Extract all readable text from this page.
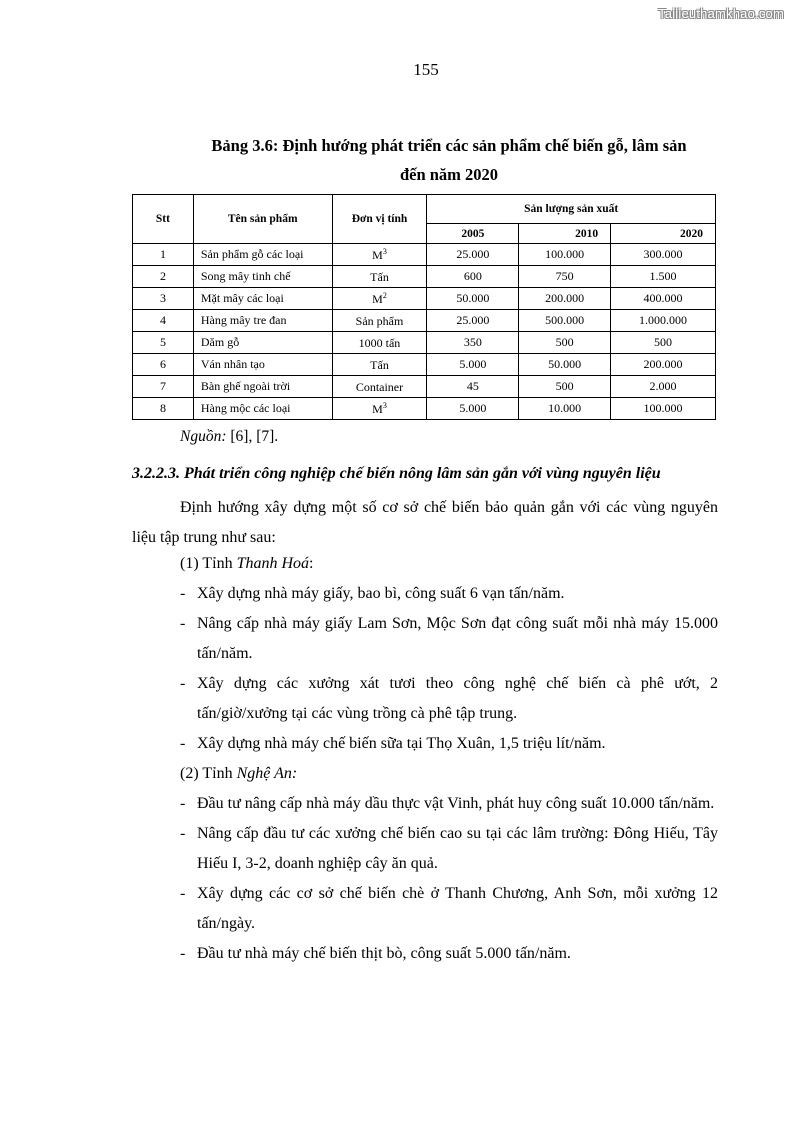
Tailieuthamkhao.com
155
Bảng 3.6: Định hướng phát triển các sản phẩm chế biến gỗ, lâm sản
đến năm 2020
Stt	Tên sản phẩm	Đơn vị tính	Sản lượng sản xuất		
			2005	2010	2020
1	Sản phẩm gỗ các loại	$M^3$	25.000	100.000	300.000
2	Song mây tinh chế	Tấn	600	750	1.500
3	Mặt mây các loại	$M^2$	50.000	200.000	400.000
4	Hàng mây tre đan	Sản phẩm	25.000	500.000	1.000.000
5	Dăm gỗ	1000 tấn	350	500	500
6	Ván nhân tạo	Tấn	5.000	50.000	200.000
7	Bàn ghế ngoài trời	Container	45	500	2.000
8	Hàng mộc các loại	$M^3$	5.000	10.000	100.000
Nguồn: [6], [7].
3.2.2.3. Phát triển công nghiệp chế biến nông lâm sản gắn với vùng nguyên liệu
Định hướng xây dựng một số cơ sở chế biến bảo quản gắn với các vùng nguyên liệu tập trung như sau:
(1) Tỉnh Thanh Hoá:
- Xây dựng nhà máy giấy, bao bì, công suất 6 vạn tấn/năm.
- Nâng cấp nhà máy giấy Lam Sơn, Mộc Sơn đạt công suất mỗi nhà máy 15.000 tấn/năm.
- Xây dựng các xưởng xát tươi theo công nghệ chế biến cà phê ướt, 2 tấn/giờ/xưởng tại các vùng trồng cà phê tập trung.
- Xây dựng nhà máy chế biến sữa tại Thọ Xuân, 1,5 triệu lít/năm.
(2) Tỉnh Nghệ An:
- Đầu tư nâng cấp nhà máy dầu thực vật Vinh, phát huy công suất 10.000 tấn/năm.
- Nâng cấp đầu tư các xưởng chế biến cao su tại các lâm trường: Đông Hiếu, Tây Hiếu I, 3-2, doanh nghiệp cây ăn quả.
- Xây dựng các cơ sở chế biến chè ở Thanh Chương, Anh Sơn, mỗi xưởng 12 tấn/ngày.
- Đầu tư nhà máy chế biến thịt bò, công suất 5.000 tấn/năm.
